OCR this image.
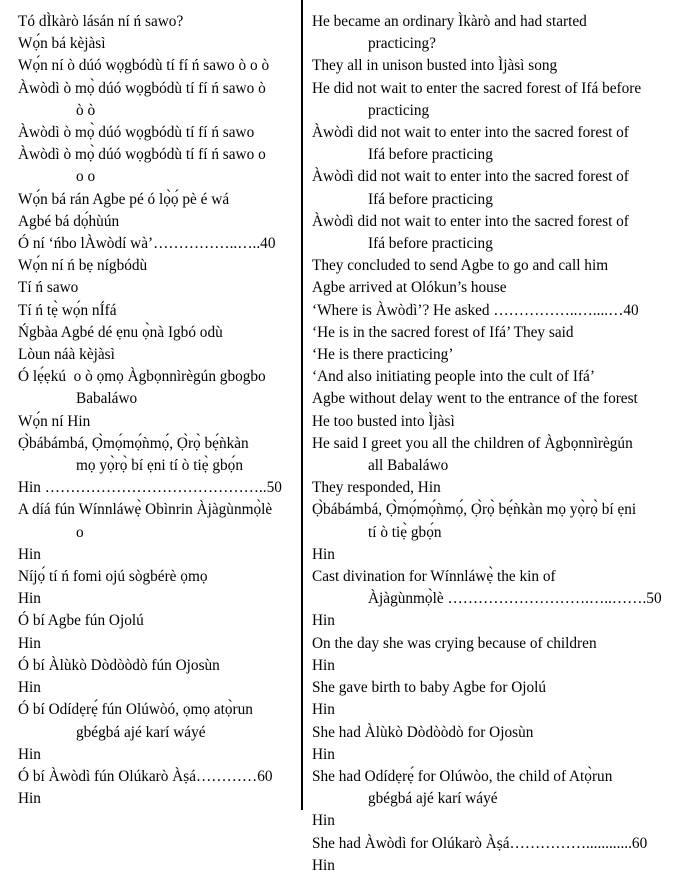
Tó dÌkàrò lásán ní ń sawo?
Wọ́n bá kèjàsì
Wọ́n ní ò dúó wọgbódù tí fí ń sawo ò o ò
Àwòdì ò mọ̀ dúó wọgbódù tí fí ń sawo ò
ò ò
Àwòdì ò mọ̀ dúó wọgbódù tí fí ń sawo
Àwòdì ò mọ̀ dúó wọgbódù tí fí ń sawo o
o o
Wọ́n bá rán Agbe pé ó lọ̀ọ́ pè é wá
Agbé bá dọ́hùún
Ó ní ‘ńbo lÀwòdí wà’……………..…..40
Wọ́n ní ń bẹ nígbódù
Tí ń sawo
Tí ń tẹ̀ wọ́n nÍfá
Ńgbàa Agbé dé ẹnu ọ̀nà Igbó odù
Lòun náà kèjàsì
Ó lẹ́ẹkú  o ò ọmọ Àgbọnnìrègún gbogbo
Babaláwo
Wọ́n ní Hin
Ọ̀bábámbá, Ọ̀mọ́mọ́ǹmọ́, Ọ̀rọ̀ bẹ́ǹkàn
mọ yọ̀rọ̀ bí ẹni tí ò tiẹ̀ gbọ́n
Hin ……………………………………..50
A díá fún Wínnláwẹ̀ Obìnrin Àjàgùnmọ̀lè
o
Hin
Níjọ́ tí ń fomi ojú sògbérè ọmọ
Hin
Ó bí Agbe fún Ojolú
Hin
Ó bí Àlùkò Dòdòòdò fún Ojosùn
Hin
Ó bí Odídẹrẹ́ fún Olúwòó, ọmọ atọ̀run
gbégbá ajé karí wáyé
Hin
Ó bí Àwòdì fún Olúkarò Àṣá…………60
Hin
He became an ordinary Ìkàrò and had started
practicing?
They all in unison busted into Ìjàsì song
He did not wait to enter the sacred forest of Ifá before
practicing
Àwòdì did not wait to enter into the sacred forest of
Ifá before practicing
Àwòdì did not wait to enter into the sacred forest of
Ifá before practicing
Àwòdì did not wait to enter into the sacred forest of
Ifá before practicing
They concluded to send Agbe to go and call him
Agbe arrived at Olókun’s house
‘Where is Àwòdì’? He asked ……………..…....…40
‘He is in the sacred forest of Ifá’ They said
‘He is there practicing’
‘And also initiating people into the cult of Ifá’
Agbe without delay went to the entrance of the forest
He too busted into Ìjàsì
He said I greet you all the children of Àgbọnnìrègún
all Babaláwo
They responded, Hin
Ọ̀bábámbá, Ọ̀mọ́mọ́ǹmọ́, Ọ̀rọ̀ bẹ́ǹkàn mọ yọ̀rọ̀ bí ẹni
tí ò tiẹ̀ gbọ́n
Hin
Cast divination for Wínnláwẹ̀ the kin of
Àjàgùnmọ̀lè ……………………….…..…….50
Hin
On the day she was crying because of children
Hin
She gave birth to baby Agbe for Ojolú
Hin
She had Àlùkò Dòdòòdò for Ojosùn
Hin
She had Odídẹrẹ́ for Olúwòo, the child of Atọ̀run
gbégbá ajé karí wáyé
Hin
She had Àwòdì for Olúkarò Àṣá……………............60
Hin
